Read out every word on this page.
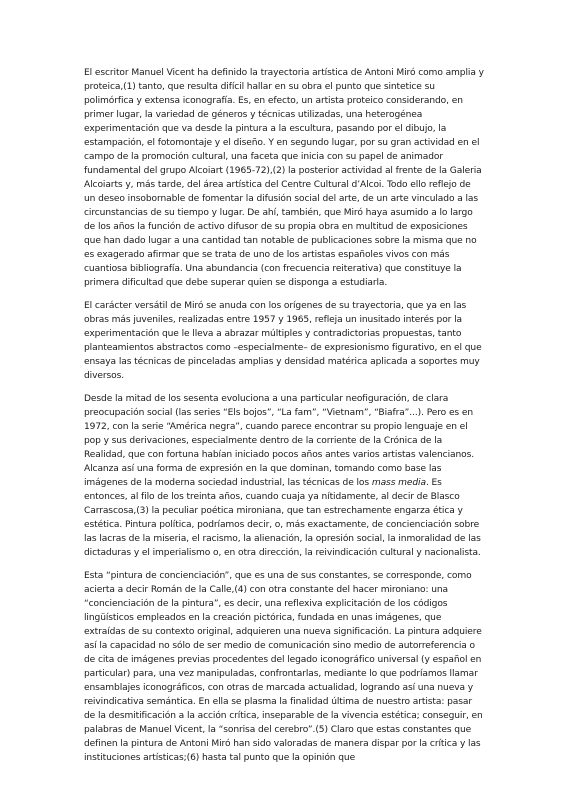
El escritor Manuel Vicent ha definido la trayectoria artística de Antoni Miró como amplia y proteica,(1) tanto, que resulta difícil hallar en su obra el punto que sintetice su polimórfica y extensa iconografía. Es, en efecto, un artista proteico considerando, en primer lugar, la variedad de géneros y técnicas utilizadas, una heterogénea experimentación que va desde la pintura a la escultura, pasando por el dibujo, la estampación, el fotomontaje y el diseño. Y en segundo lugar, por su gran actividad en el campo de la promoción cultural, una faceta que inicia con su papel de animador fundamental del grupo Alcoiart (1965-72),(2) la posterior actividad al frente de la Galeria Alcoiarts y, más tarde, del área artística del Centre Cultural d’Alcoi. Todo ello reflejo de un deseo insobornable de fomentar la difusión social del arte, de un arte vinculado a las circunstancias de su tiempo y lugar. De ahí, también, que Miró haya asumido a lo largo de los años la función de activo difusor de su propia obra en multitud de exposiciones que han dado lugar a una cantidad tan notable de publicaciones sobre la misma que no es exagerado afirmar que se trata de uno de los artistas españoles vivos con más cuantiosa bibliografía. Una abundancia (con frecuencia reiterativa) que constituye la primera dificultad que debe superar quien se disponga a estudiarla.

El carácter versátil de Miró se anuda con los orígenes de su trayectoria, que ya en las obras más juveniles, realizadas entre 1957 y 1965, refleja un inusitado interés por la experimentación que le lleva a abrazar múltiples y contradictorias propuestas, tanto planteamientos abstractos como –especialmente– de expresionismo figurativo, en el que ensaya las técnicas de pinceladas amplias y densidad matérica aplicada a soportes muy diversos.

Desde la mitad de los sesenta evoluciona a una particular neofiguración, de clara preocupación social (las series “Els bojos”, “La fam”, “Vietnam”, “Biafra”...). Pero es en 1972, con la serie “América negra”, cuando parece encontrar su propio lenguaje en el pop y sus derivaciones, especialmente dentro de la corriente de la Crónica de la Realidad, que con fortuna habían iniciado pocos años antes varios artistas valencianos. Alcanza así una forma de expresión en la que dominan, tomando como base las imágenes de la moderna sociedad industrial, las técnicas de los mass media. Es entonces, al filo de los treinta años, cuando cuaja ya nítidamente, al decir de Blasco Carrascosa,(3) la peculiar poética mironiana, que tan estrechamente engarza ética y estética. Pintura política, podríamos decir, o, más exactamente, de concienciación sobre las lacras de la miseria, el racismo, la alienación, la opresión social, la inmoralidad de las dictaduras y el imperialismo o, en otra dirección, la reivindicación cultural y nacionalista.

Esta “pintura de concienciación”, que es una de sus constantes, se corresponde, como acierta a decir Román de la Calle,(4) con otra constante del hacer mironiano: una “concienciación de la pintura”, es decir, una reflexiva explicitación de los códigos lingüísticos empleados en la creación pictórica, fundada en unas imágenes, que extraídas de su contexto original, adquieren una nueva significación. La pintura adquiere así la capacidad no sólo de ser medio de comunicación sino medio de autorreferencia o de cita de imágenes previas procedentes del legado iconográfico universal (y español en particular) para, una vez manipuladas, confrontarlas, mediante lo que podríamos llamar ensamblajes iconográficos, con otras de marcada actualidad, logrando así una nueva y reivindicativa semántica. En ella se plasma la finalidad última de nuestro artista: pasar de la desmitificación a la acción crítica, inseparable de la vivencia estética; conseguir, en palabras de Manuel Vicent, la “sonrisa del cerebro”.(5) Claro que estas constantes que definen la pintura de Antoni Miró han sido valoradas de manera dispar por la crítica y las instituciones artísticas;(6) hasta tal punto que la opinión que
